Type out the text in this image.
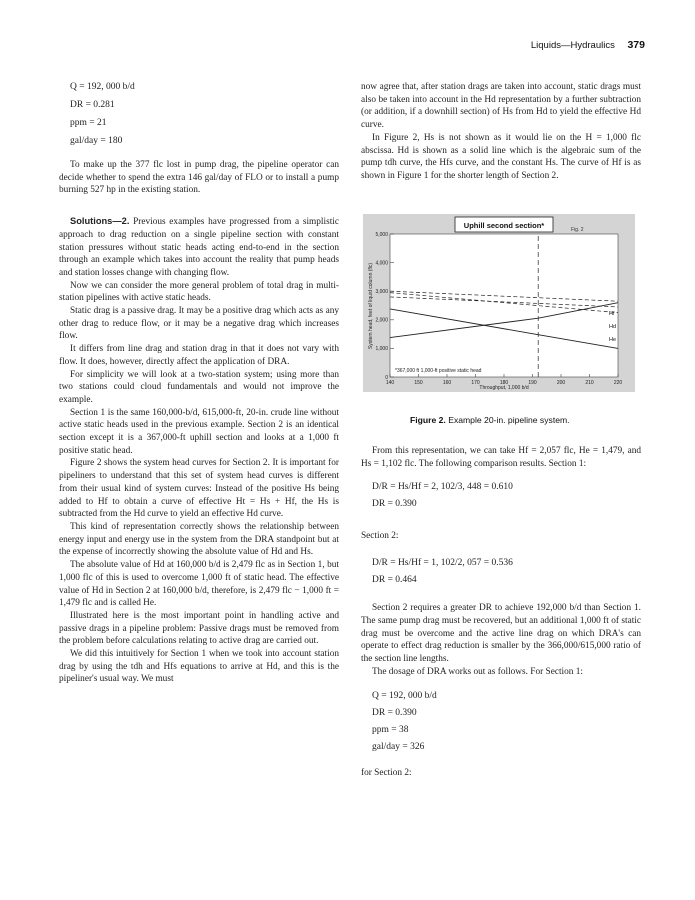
Liquids—Hydraulics 379

Q = 192, 000 b/d

DR = 0.281

ppm = 21

gal/day = 180

To make up the 377 flc lost in pump drag, the pipeline operator can decide whether to spend the extra 146 gal/day of FLO or to install a pump burning 527 hp in the existing station.

Solutions—2. Previous examples have progressed from a simplistic approach to drag reduction on a single pipeline section with constant station pressures without static heads acting end-to-end in the section through an example which takes into account the reality that pump heads and station losses change with changing flow.

Now we can consider the more general problem of total drag in multi-station pipelines with active static heads.

Static drag is a passive drag. It may be a positive drag which acts as any other drag to reduce flow, or it may be a negative drag which increases flow.

It differs from line drag and station drag in that it does not vary with flow. It does, however, directly affect the application of DRA.

For simplicity we will look at a two-station system; using more than two stations could cloud fundamentals and would not improve the example.

Section 1 is the same 160,000-b/d, 615,000-ft, 20-in. crude line without active static heads used in the previous example. Section 2 is an identical section except it is a 367,000-ft uphill section and looks at a 1,000 ft positive static head.

Figure 2 shows the system head curves for Section 2. It is important for pipeliners to understand that this set of system head curves is different from their usual kind of system curves: Instead of the positive Hs being added to Hf to obtain a curve of effective Ht = Hs + Hf, the Hs is subtracted from the Hd curve to yield an effective Hd curve.

This kind of representation correctly shows the relationship between energy input and energy use in the system from the DRA standpoint but at the expense of incorrectly showing the absolute value of Hd and Hs.

The absolute value of Hd at 160,000 b/d is 2,479 flc as in Section 1, but 1,000 flc of this is used to overcome 1,000 ft of static head. The effective value of Hd in Section 2 at 160,000 b/d, therefore, is 2,479 flc − 1,000 ft = 1,479 flc and is called He.

Illustrated here is the most important point in handling active and passive drags in a pipeline problem: Passive drags must be removed from the problem before calculations relating to active drag are carried out.

We did this intuitively for Section 1 when we took into account station drag by using the tdh and Hfs equations to arrive at Hd, and this is the pipeliner's usual way. We must

now agree that, after station drags are taken into account, static drags must also be taken into account in the Hd representation by a further subtraction (or addition, if a downhill section) of Hs from Hd to yield the effective Hd curve.

In Figure 2, Hs is not shown as it would lie on the H = 1,000 flc abscissa. Hd is shown as a solid line which is the algebraic sum of the pump tdh curve, the Hfs curve, and the constant Hs. The curve of Hf is as shown in Figure 1 for the shorter length of Section 2.

0
1,000
2,000
3,000
4,000
5,000
140	150	160	170	180	190	200	210	220
Uphill second section*	Fig. 2
System head, feet of liquid column (flc)
Throughput, 1,000 b/d
*367,000 ft 1,000-ft positive static head
Hf
Hd
He
Figure 2. Example 20-in. pipeline system.

From this representation, we can take Hf = 2,057 flc, He = 1,479, and Hs = 1,102 flc. The following comparison results. Section 1:

D/R = Hs/Hf = 2, 102/3, 448 = 0.610

DR = 0.390

Section 2:

D/R = Hs/Hf = 1, 102/2, 057 = 0.536

DR = 0.464

Section 2 requires a greater DR to achieve 192,000 b/d than Section 1. The same pump drag must be recovered, but an additional 1,000 ft of static drag must be overcome and the active line drag on which DRA's can operate to effect drag reduction is smaller by the 366,000/615,000 ratio of the section line lengths.

The dosage of DRA works out as follows. For Section 1:

Q = 192, 000 b/d

DR = 0.390

ppm = 38

gal/day = 326

for Section 2:
